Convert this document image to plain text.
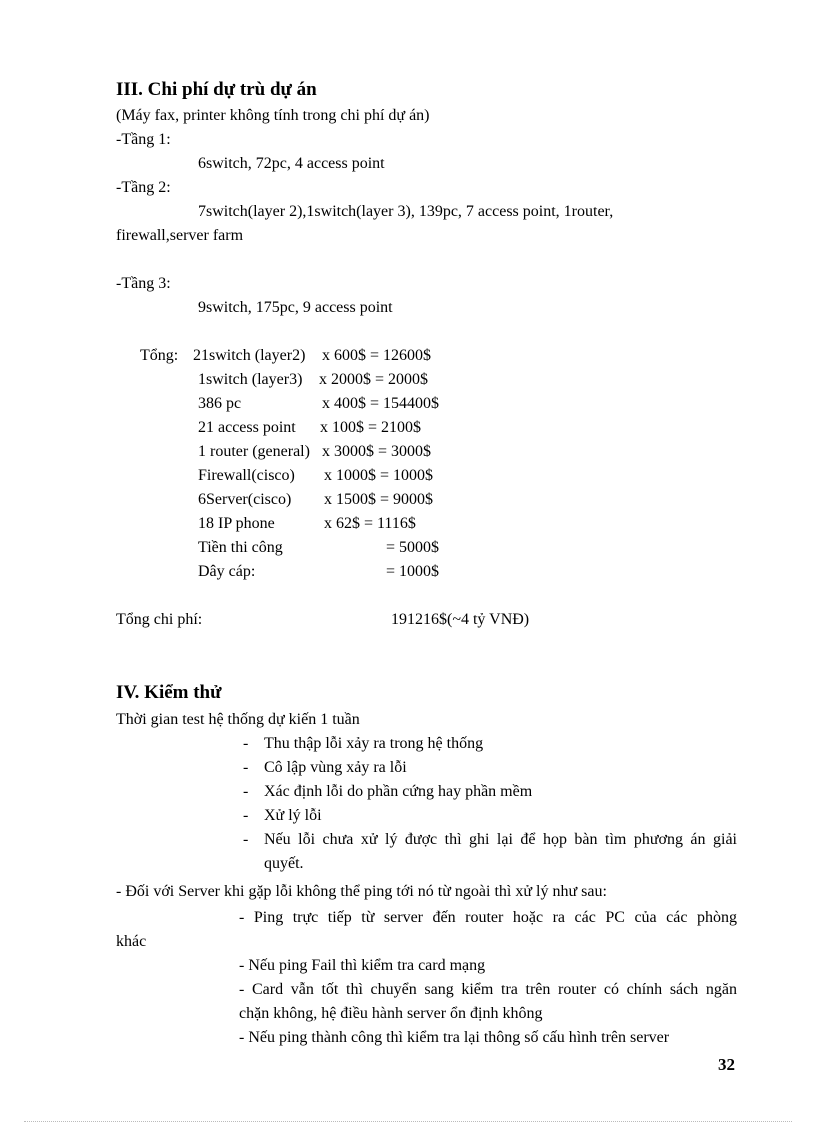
III. Chi phí dự trù dự án
(Máy fax, printer không tính trong chi phí dự án)
-Tầng 1:
6switch, 72pc, 4 access point
-Tầng 2:
7switch(layer 2),1switch(layer 3), 139pc, 7 access point, 1router,
firewall,server farm
-Tầng 3:
9switch, 175pc, 9 access point
Tổng: 21switch (layer2) x 600$ = 12600$
1switch (layer3) x 2000$ = 2000$
386 pc	x 400$ = 154400$
21 access point x 100$ = 2100$
1 router (general) x 3000$ = 3000$
Firewall(cisco) x 1000$ = 1000$
6Server(cisco) x 1500$ = 9000$
18 IP phone	x 62$ = 1116$
Tiền thi công	= 5000$
Dây cáp:	= 1000$
Tổng chi phí:	191216$(~4 tỷ VNĐ)
IV. Kiểm thử
Thời gian test hệ thống dự kiến 1 tuần
- Thu thập lỗi xảy ra trong hệ thống
- Cô lập vùng xảy ra lỗi
- Xác định lỗi do phần cứng hay phần mềm
- Xử lý lỗi
- Nếu lỗi chưa xử lý được thì ghi lại để họp bàn tìm phương án giải
quyết.
- Đối với Server khi gặp lỗi không thể ping tới nó từ ngoài thì xử lý như sau:
- Ping trực tiếp từ server đến router hoặc ra các PC của các phòng
khác
- Nếu ping Fail thì kiểm tra card mạng
- Card vẫn tốt thì chuyển sang kiểm tra trên router có chính sách ngăn
chặn không, hệ điều hành server ổn định không
- Nếu ping thành công thì kiểm tra lại thông số cấu hình trên server
32
